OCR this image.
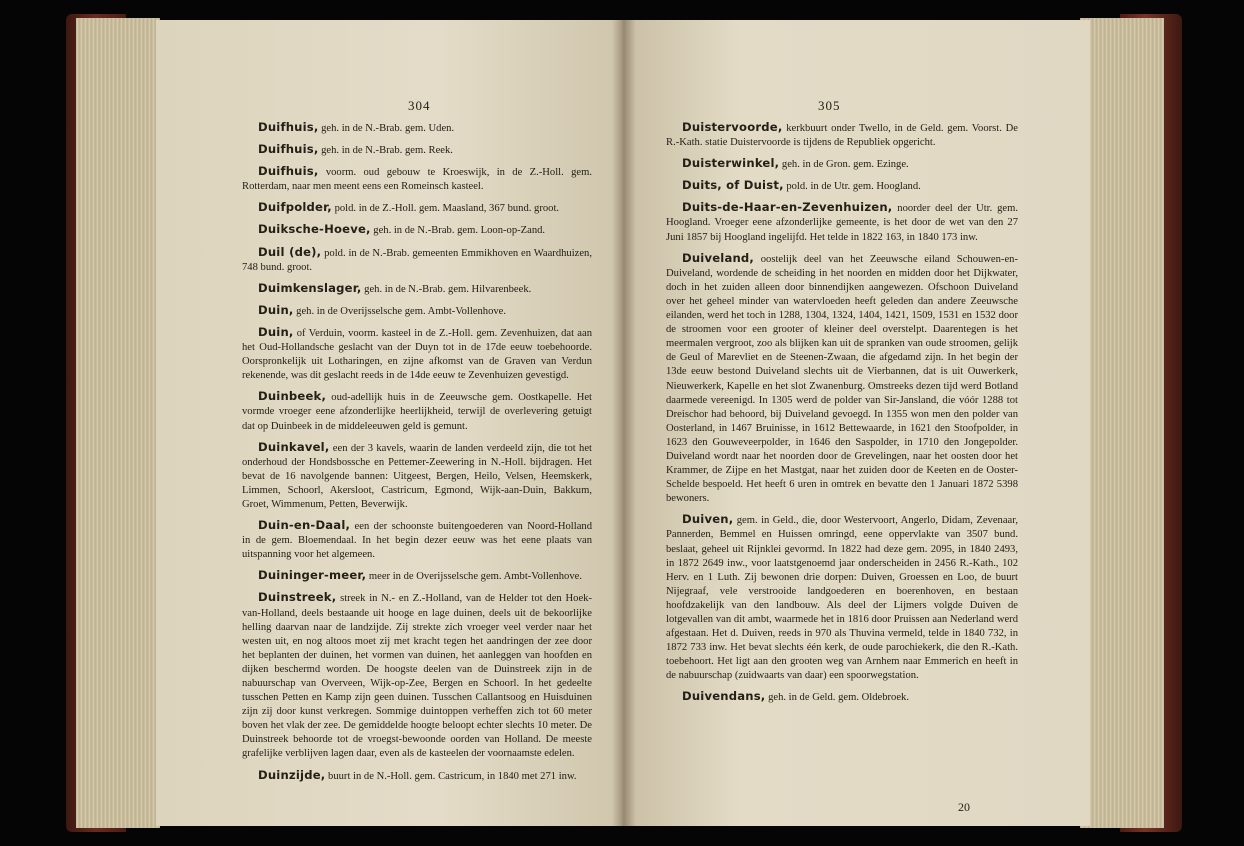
304

Duifhuis, geh. in de N.-Brab. gem. Uden.

Duifhuis, geh. in de N.-Brab. gem. Reek.

Duifhuis, voorm. oud gebouw te Kroeswijk, in de Z.-Holl. gem. Rotterdam, naar men meent eens een Romeinsch kasteel.

Duifpolder, pold. in de Z.-Holl. gem. Maasland, 367 bund. groot.

Duiksche-Hoeve, geh. in de N.-Brab. gem. Loon-op-Zand.

Duil (de), pold. in de N.-Brab. gemeenten Emmikhoven en Waardhuizen, 748 bund. groot.

Duimkenslager, geh. in de N.-Brab. gem. Hilvarenbeek.

Duin, geh. in de Overijsselsche gem. Ambt-Vollenhove.

Duin, of Verduin, voorm. kasteel in de Z.-Holl. gem. Zevenhuizen, dat aan het Oud-Hollandsche geslacht van der Duyn tot in de 17de eeuw toebehoorde. Oorspronkelijk uit Lotharingen, en zijne afkomst van de Graven van Verdun rekenende, was dit geslacht reeds in de 14de eeuw te Zevenhuizen gevestigd.

Duinbeek, oud-adellijk huis in de Zeeuwsche gem. Oostkapelle. Het vormde vroeger eene afzonderlijke heerlijkheid, terwijl de overlevering getuigt dat op Duinbeek in de middeleeuwen geld is gemunt.

Duinkavel, een der 3 kavels, waarin de landen verdeeld zijn, die tot het onderhoud der Hondsbossche en Pettemer-Zeewering in N.-Holl. bijdragen. Het bevat de 16 navolgende bannen: Uitgeest, Bergen, Heilo, Velsen, Heemskerk, Limmen, Schoorl, Akersloot, Castricum, Egmond, Wijk-aan-Duin, Bakkum, Groet, Wimmenum, Petten, Beverwijk.

Duin-en-Daal, een der schoonste buitengoederen van Noord-Holland in de gem. Bloemendaal. In het begin dezer eeuw was het eene plaats van uitspanning voor het algemeen.

Duininger-meer, meer in de Overijsselsche gem. Ambt-Vollenhove.

Duinstreek, streek in N.- en Z.-Holland, van de Helder tot den Hoek-van-Holland, deels bestaande uit hooge en lage duinen, deels uit de bekoorlijke helling daarvan naar de landzijde. Zij strekte zich vroeger veel verder naar het westen uit, en nog altoos moet zij met kracht tegen het aandringen der zee door het beplanten der duinen, het vormen van duinen, het aanleggen van hoofden en dijken beschermd worden. De hoogste deelen van de Duinstreek zijn in de nabuurschap van Overveen, Wijk-op-Zee, Bergen en Schoorl. In het gedeelte tusschen Petten en Kamp zijn geen duinen. Tusschen Callantsoog en Huisduinen zijn zij door kunst verkregen. Sommige duintoppen verheffen zich tot 60 meter boven het vlak der zee. De gemiddelde hoogte beloopt echter slechts 10 meter. De Duinstreek behoorde tot de vroegst-bewoonde oorden van Holland. De meeste grafelijke verblijven lagen daar, even als de kasteelen der voornaamste edelen.

Duinzijde, buurt in de N.-Holl. gem. Castricum, in 1840 met 271 inw.

305

Duistervoorde, kerkbuurt onder Twello, in de Geld. gem. Voorst. De R.-Kath. statie Duistervoorde is tijdens de Republiek opgericht.

Duisterwinkel, geh. in de Gron. gem. Ezinge.

Duits, of Duist, pold. in de Utr. gem. Hoogland.

Duits-de-Haar-en-Zevenhuizen, noorder deel der Utr. gem. Hoogland. Vroeger eene afzonderlijke gemeente, is het door de wet van den 27 Juni 1857 bij Hoogland ingelijfd. Het telde in 1822 163, in 1840 173 inw.

Duiveland, oostelijk deel van het Zeeuwsche eiland Schouwen-en-Duiveland, wordende de scheiding in het noorden en midden door het Dijkwater, doch in het zuiden alleen door binnendijken aangewezen. Ofschoon Duiveland over het geheel minder van watervloeden heeft geleden dan andere Zeeuwsche eilanden, werd het toch in 1288, 1304, 1324, 1404, 1421, 1509, 1531 en 1532 door de stroomen voor een grooter of kleiner deel overstelpt. Daarentegen is het meermalen vergroot, zoo als blijken kan uit de spranken van oude stroomen, gelijk de Geul of Marevliet en de Steenen-Zwaan, die afgedamd zijn. In het begin der 13de eeuw bestond Duiveland slechts uit de Vierbannen, dat is uit Ouwerkerk, Nieuwerkerk, Kapelle en het slot Zwanenburg. Omstreeks dezen tijd werd Botland daarmede vereenigd. In 1305 werd de polder van Sir-Jansland, die vóór 1288 tot Dreischor had behoord, bij Duiveland gevoegd. In 1355 won men den polder van Oosterland, in 1467 Bruinisse, in 1612 Bettewaarde, in 1621 den Stoofpolder, in 1623 den Gouweveerpolder, in 1646 den Saspolder, in 1710 den Jongepolder. Duiveland wordt naar het noorden door de Grevelingen, naar het oosten door het Krammer, de Zijpe en het Mastgat, naar het zuiden door de Keeten en de Ooster-Schelde bespoeld. Het heeft 6 uren in omtrek en bevatte den 1 Januari 1872 5398 bewoners.

Duiven, gem. in Geld., die, door Westervoort, Angerlo, Didam, Zevenaar, Pannerden, Bemmel en Huissen omringd, eene oppervlakte van 3507 bund. beslaat, geheel uit Rijnklei gevormd. In 1822 had deze gem. 2095, in 1840 2493, in 1872 2649 inw., voor laatstgenoemd jaar onderscheiden in 2456 R.-Kath., 102 Herv. en 1 Luth. Zij bewonen drie dorpen: Duiven, Groessen en Loo, de buurt Nijegraaf, vele verstrooide landgoederen en boerenhoven, en bestaan hoofdzakelijk van den landbouw. Als deel der Lijmers volgde Duiven de lotgevallen van dit ambt, waarmede het in 1816 door Pruissen aan Nederland werd afgestaan. Het d. Duiven, reeds in 970 als Thuvina vermeld, telde in 1840 732, in 1872 733 inw. Het bevat slechts één kerk, de oude parochiekerk, die den R.-Kath. toebehoort. Het ligt aan den grooten weg van Arnhem naar Emmerich en heeft in de nabuurschap (zuidwaarts van daar) een spoorwegstation.

Duivendans, geh. in de Geld. gem. Oldebroek.

20
